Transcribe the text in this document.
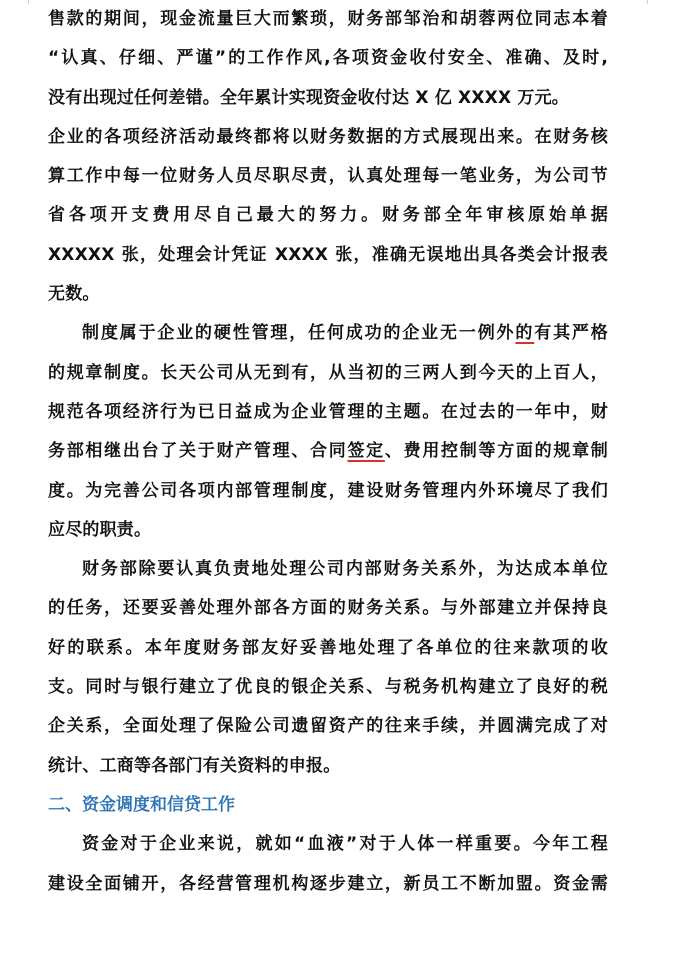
售款的期间，现金流量巨大而繁琐，财务部邹治和胡蓉两位同志本着
“认真、仔细、严谨”的工作作风,各项资金收付安全、准确、及时,
没有出现过任何差错。全年累计实现资金收付达 X 亿 XXXX 万元。
企业的各项经济活动最终都将以财务数据的方式展现出来。在财务核
算工作中每一位财务人员尽职尽责，认真处理每一笔业务，为公司节
省各项开支费用尽自己最大的努力。财务部全年审核原始单据
XXXXX 张，处理会计凭证 XXXX 张，准确无误地出具各类会计报表
无数。
制度属于企业的硬性管理，任何成功的企业无一例外的有其严格
的规章制度。长天公司从无到有，从当初的三两人到今天的上百人，
规范各项经济行为已日益成为企业管理的主题。在过去的一年中，财
务部相继出台了关于财产管理、合同签定、费用控制等方面的规章制
度。为完善公司各项内部管理制度，建设财务管理内外环境尽了我们
应尽的职责。
财务部除要认真负责地处理公司内部财务关系外，为达成本单位
的任务，还要妥善处理外部各方面的财务关系。与外部建立并保持良
好的联系。本年度财务部友好妥善地处理了各单位的往来款项的收
支。同时与银行建立了优良的银企关系、与税务机构建立了良好的税
企关系，全面处理了保险公司遗留资产的往来手续，并圆满完成了对
统计、工商等各部门有关资料的申报。
二、资金调度和信贷工作
资金对于企业来说，就如“血液”对于人体一样重要。今年工程
建设全面铺开，各经营管理机构逐步建立，新员工不断加盟。资金需
